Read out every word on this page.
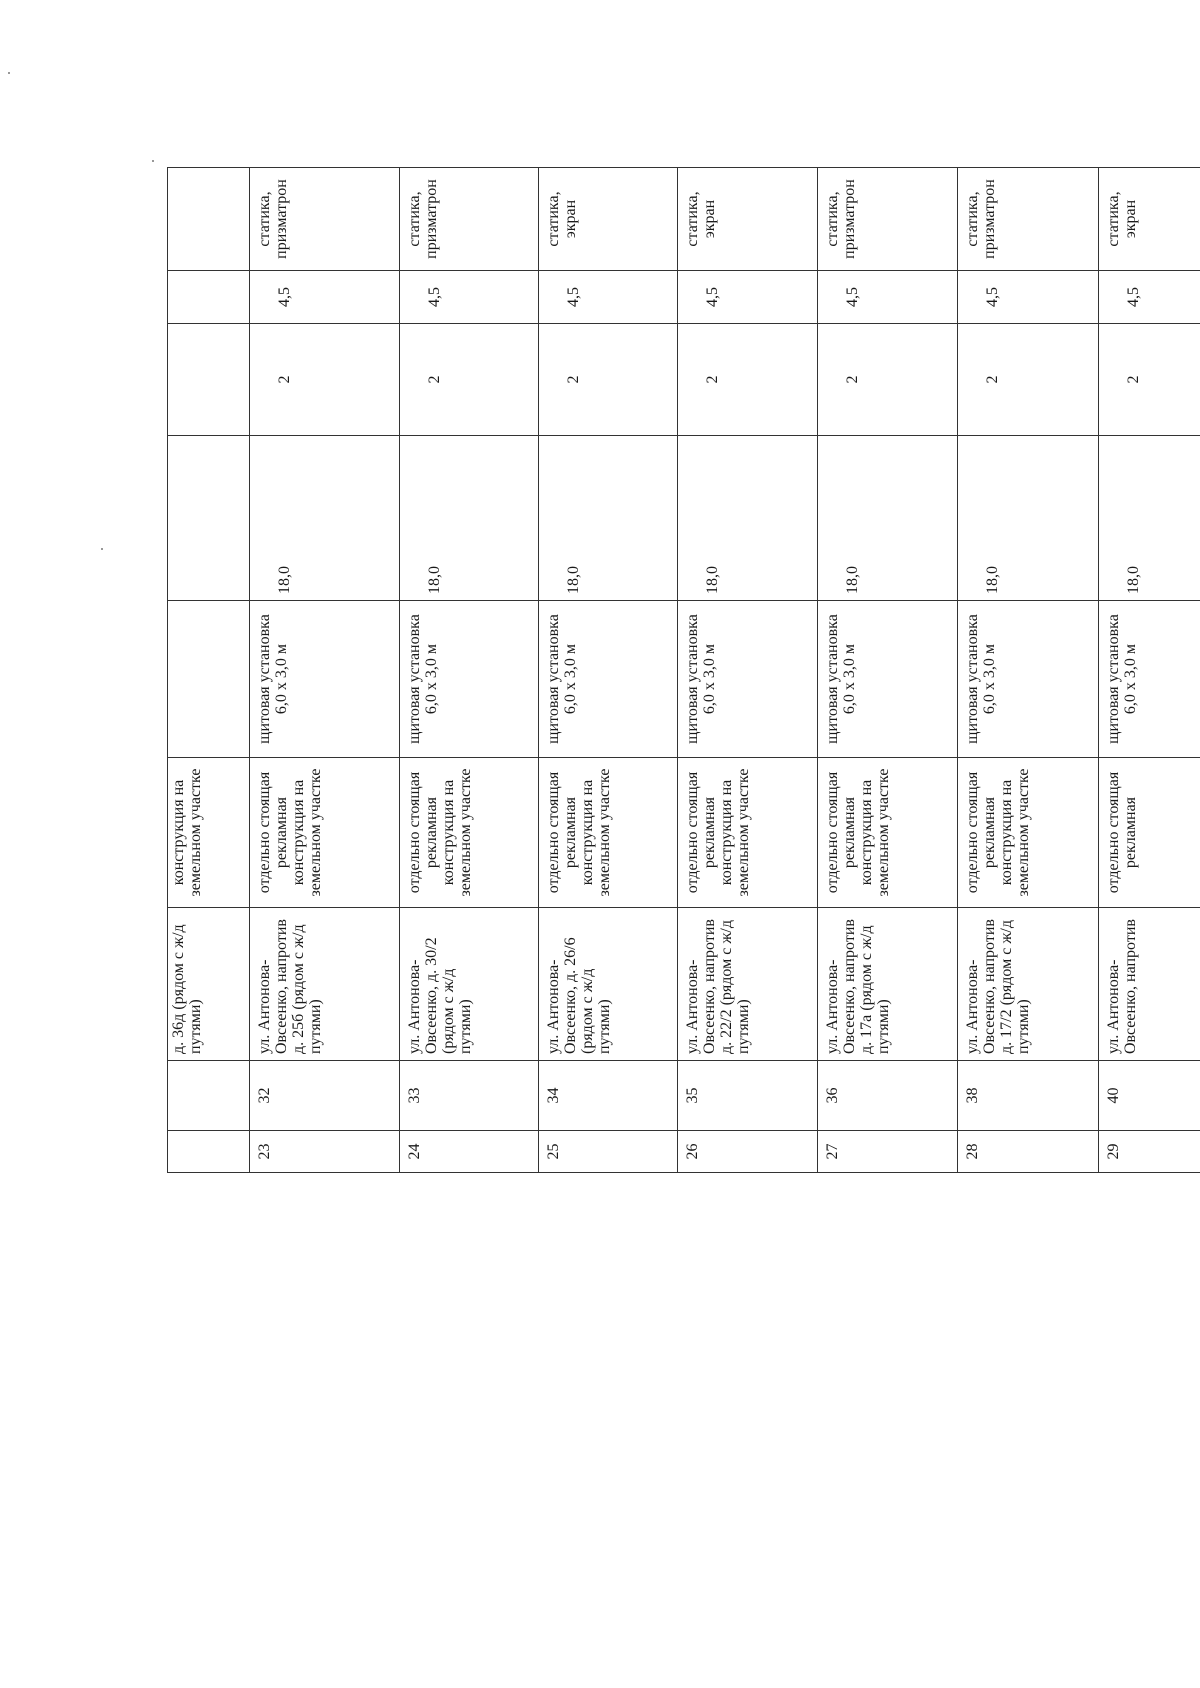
		д. 36д (рядом с ж/д путями)	конструкция на земельном участке					
23	32	ул. Антонова-Овсеенко, напротив д. 25б (рядом с ж/д путями)	отдельно стоящая рекламная конструкция на земельном участке	щитовая установка 6,0 х 3,0 м	18,0	2	4,5	статика, призматрон
24	33	ул. Антонова-Овсеенко, д. 30/2 (рядом с ж/д путями)	отдельно стоящая рекламная конструкция на земельном участке	щитовая установка 6,0 х 3,0 м	18,0	2	4,5	статика, призматрон
25	34	ул. Антонова-Овсеенко, д. 26/6 (рядом с ж/д путями)	отдельно стоящая рекламная конструкция на земельном участке	щитовая установка 6,0 х 3,0 м	18,0	2	4,5	статика, экран
26	35	ул. Антонова-Овсеенко, напротив д. 22/2 (рядом с ж/д путями)	отдельно стоящая рекламная конструкция на земельном участке	щитовая установка 6,0 х 3,0 м	18,0	2	4,5	статика, экран
27	36	ул. Антонова-Овсеенко, напротив д. 17а (рядом с ж/д путями)	отдельно стоящая рекламная конструкция на земельном участке	щитовая установка 6,0 х 3,0 м	18,0	2	4,5	статика, призматрон
28	38	ул. Антонова-Овсеенко, напротив д. 17/2 (рядом с ж/д путями)	отдельно стоящая рекламная конструкция на земельном участке	щитовая установка 6,0 х 3,0 м	18,0	2	4,5	статика, призматрон
29	40	ул. Антонова-Овсеенко, напротив	отдельно стоящая рекламная	щитовая установка 6,0 х 3,0 м	18,0	2	4,5	статика, экран
